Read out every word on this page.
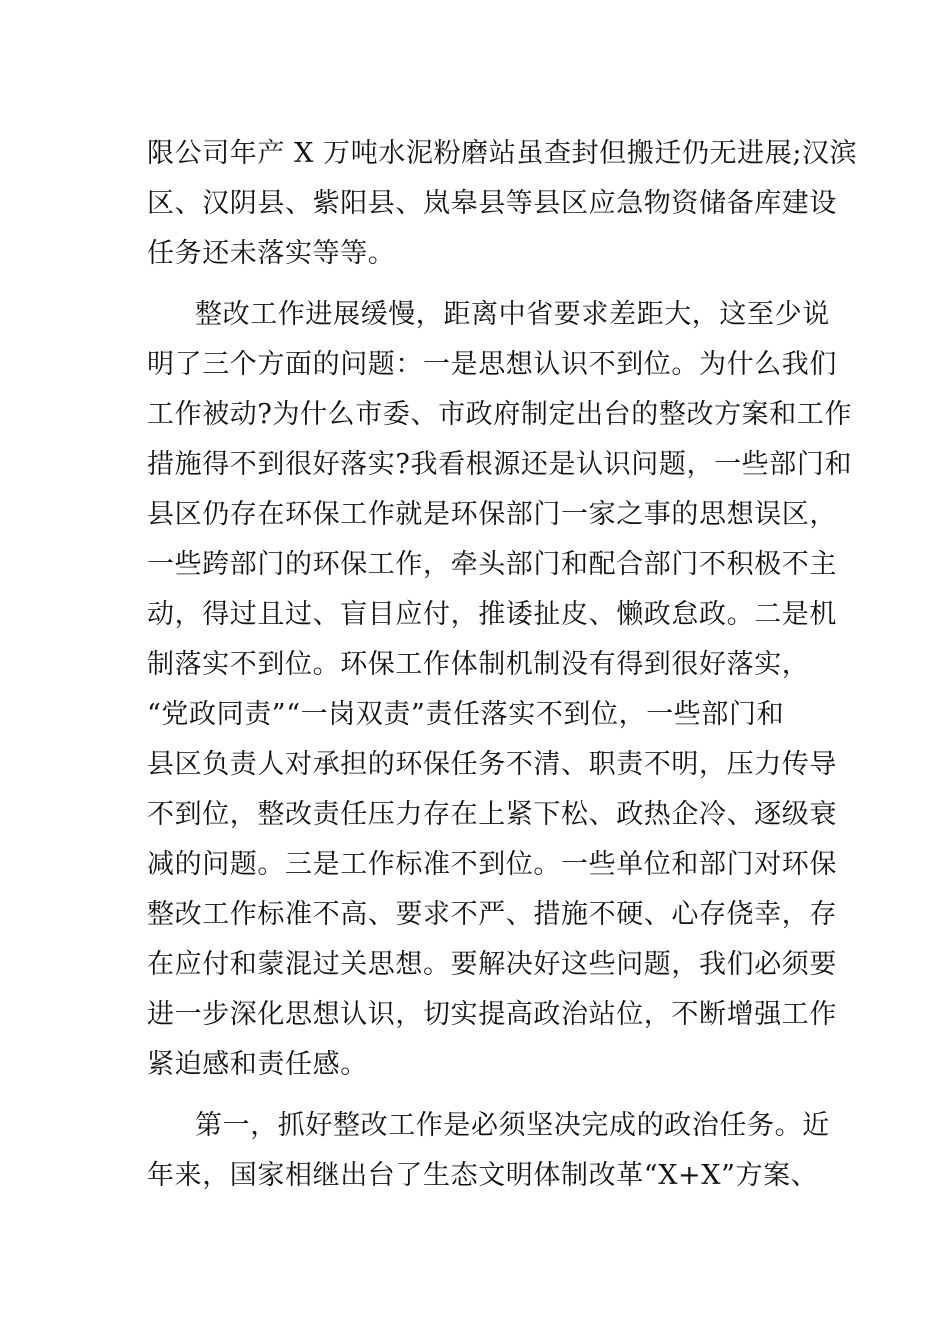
限公司年产 X 万吨水泥粉磨站虽查封但搬迁仍无进展;汉滨
区、汉阴县、紫阳县、岚皋县等县区应急物资储备库建设
任务还未落实等等。
整改工作进展缓慢，距离中省要求差距大，这至少说
明了三个方面的问题：一是思想认识不到位。为什么我们
工作被动?为什么市委、市政府制定出台的整改方案和工作
措施得不到很好落实?我看根源还是认识问题，一些部门和
县区仍存在环保工作就是环保部门一家之事的思想误区，
一些跨部门的环保工作，牵头部门和配合部门不积极不主
动，得过且过、盲目应付，推诿扯皮、懒政怠政。二是机
制落实不到位。环保工作体制机制没有得到很好落实，
“党政同责”“一岗双责”责任落实不到位，一些部门和
县区负责人对承担的环保任务不清、职责不明，压力传导
不到位，整改责任压力存在上紧下松、政热企冷、逐级衰
减的问题。三是工作标准不到位。一些单位和部门对环保
整改工作标准不高、要求不严、措施不硬、心存侥幸，存
在应付和蒙混过关思想。要解决好这些问题，我们必须要
进一步深化思想认识，切实提高政治站位，不断增强工作
紧迫感和责任感。
第一，抓好整改工作是必须坚决完成的政治任务。近
年来，国家相继出台了生态文明体制改革“X+X”方案、
